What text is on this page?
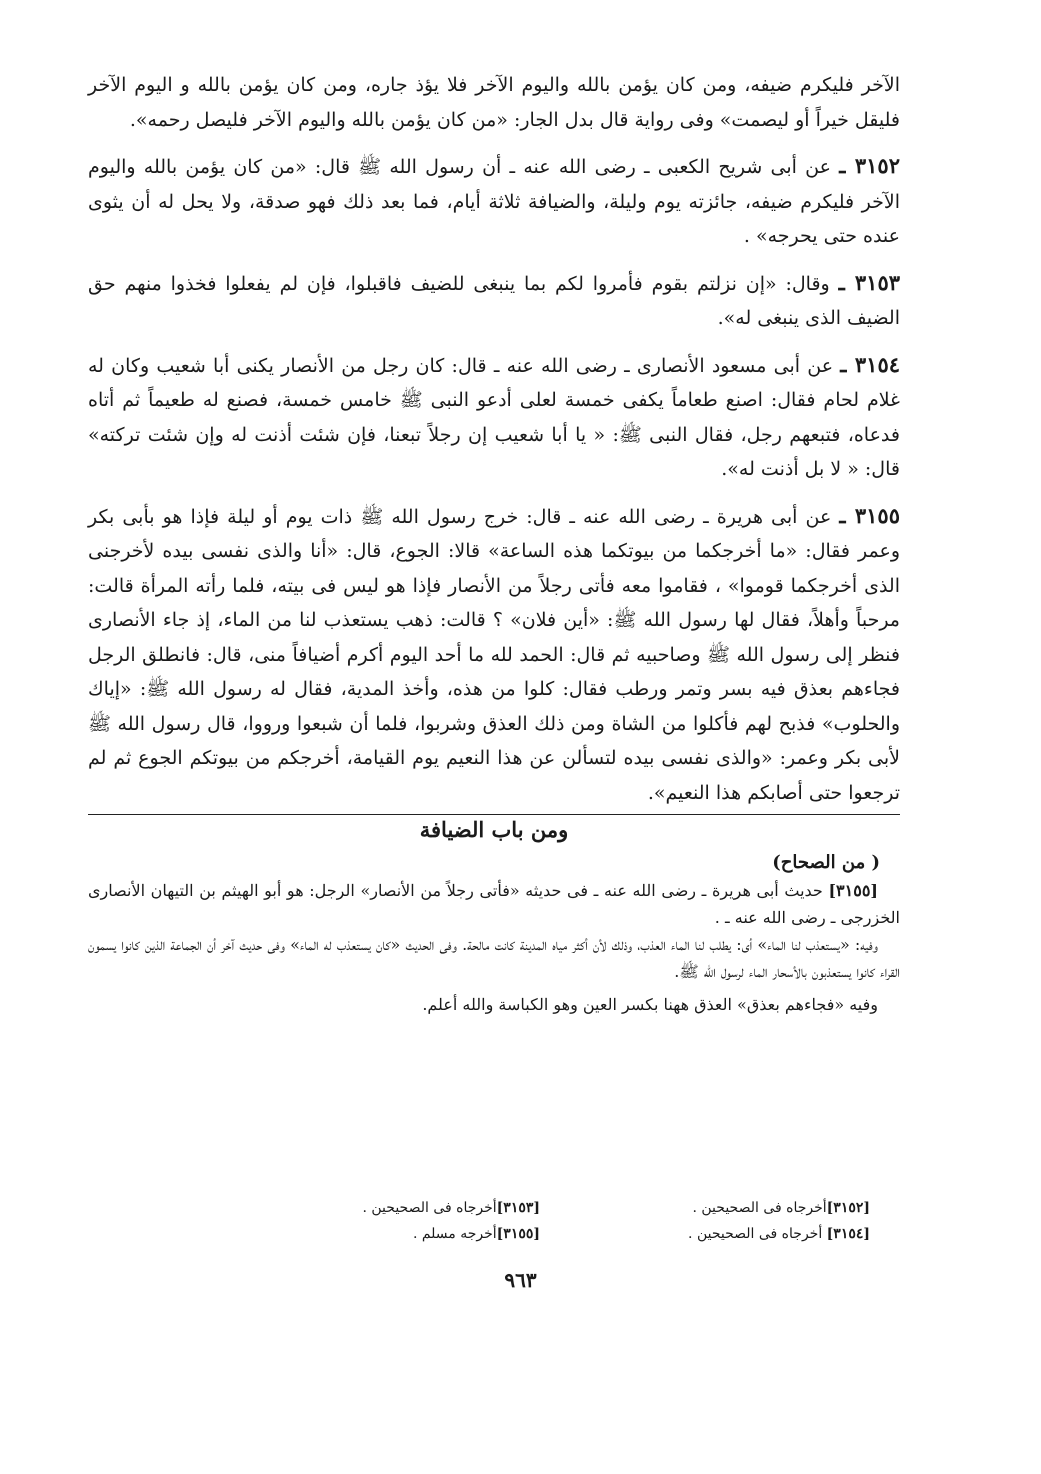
الآخر فليكرم ضيفه، ومن كان يؤمن بالله واليوم الآخر فلا يؤذ جاره، ومن كان يؤمن بالله و اليوم الآخر فليقل خيراً أو ليصمت» وفى رواية قال بدل الجار: «من كان يؤمن بالله واليوم الآخر فليصل رحمه».

٣١٥٢ ـ عن أبى شريح الكعبى ـ رضى الله عنه ـ أن رسول الله ﷺ قال: «من كان يؤمن بالله واليوم الآخر فليكرم ضيفه، جائزته يوم وليلة، والضيافة ثلاثة أيام، فما بعد ذلك فهو صدقة، ولا يحل له أن يثوى عنده حتى يحرجه» .

٣١٥٣ ـ وقال: «إن نزلتم بقوم فأمروا لكم بما ينبغى للضيف فاقبلوا، فإن لم يفعلوا فخذوا منهم حق الضيف الذى ينبغى له».

٣١٥٤ ـ عن أبى مسعود الأنصارى ـ رضى الله عنه ـ قال: كان رجل من الأنصار يكنى أبا شعيب وكان له غلام لحام فقال: اصنع طعاماً يكفى خمسة لعلى أدعو النبى ﷺ خامس خمسة، فصنع له طعيماً ثم أتاه فدعاه، فتبعهم رجل، فقال النبى ﷺ: « يا أبا شعيب إن رجلاً تبعنا، فإن شئت أذنت له وإن شئت تركته» قال: « لا بل أذنت له».

٣١٥٥ ـ عن أبى هريرة ـ رضى الله عنه ـ قال: خرج رسول الله ﷺ ذات يوم أو ليلة فإذا هو بأبى بكر وعمر فقال: «ما أخرجكما من بيوتكما هذه الساعة» قالا: الجوع، قال: «أنا والذى نفسى بيده لأخرجنى الذى أخرجكما قوموا» ، فقاموا معه فأتى رجلاً من الأنصار فإذا هو ليس فى بيته، فلما رأته المرأة قالت: مرحباً وأهلاً، فقال لها رسول الله ﷺ: «أين فلان» ؟ قالت: ذهب يستعذب لنا من الماء، إذ جاء الأنصارى فنظر إلى رسول الله ﷺ وصاحبيه ثم قال: الحمد لله ما أحد اليوم أكرم أضيافاً منى، قال: فانطلق الرجل فجاءهم بعذق فيه بسر وتمر ورطب فقال: كلوا من هذه، وأخذ المدية، فقال له رسول الله ﷺ: «إياك والحلوب» فذبح لهم فأكلوا من الشاة ومن ذلك العذق وشربوا، فلما أن شبعوا ورووا، قال رسول الله ﷺ لأبى بكر وعمر: «والذى نفسى بيده لتسألن عن هذا النعيم يوم القيامة، أخرجكم من بيوتكم الجوع ثم لم ترجعوا حتى أصابكم هذا النعيم».

ومن باب الضيافة
( من الصحاح)

[٣١٥٥] حديث أبى هريرة ـ رضى الله عنه ـ فى حديثه «فأتى رجلاً من الأنصار» الرجل: هو أبو الهيثم بن التيهان الأنصارى الخزرجى ـ رضى الله عنه ـ .

وفيه: «يستعذب لنا الماء» أى: يطلب لنا الماء العذب، وذلك لأن أكثر مياه المدينة كانت مالحة. وفى الحديث «كان يستعذب له الماء» وفى حديث آخر أن الجماعة الذين كانوا يسمون القراء كانوا يستعذبون بالأسحار الماء لرسول الله ﷺ.

وفيه «فجاءهم بعذق» العذق ههنا بكسر العين وهو الكباسة والله أعلم.

[٣١٥٢]أخرجاه فى الصحيحين .
[٣١٥٣]أخرجاه فى الصحيحين .
[٣١٥٤] أخرجاه فى الصحيحين .
[٣١٥٥]أخرجه مسلم .
٩٦٣
